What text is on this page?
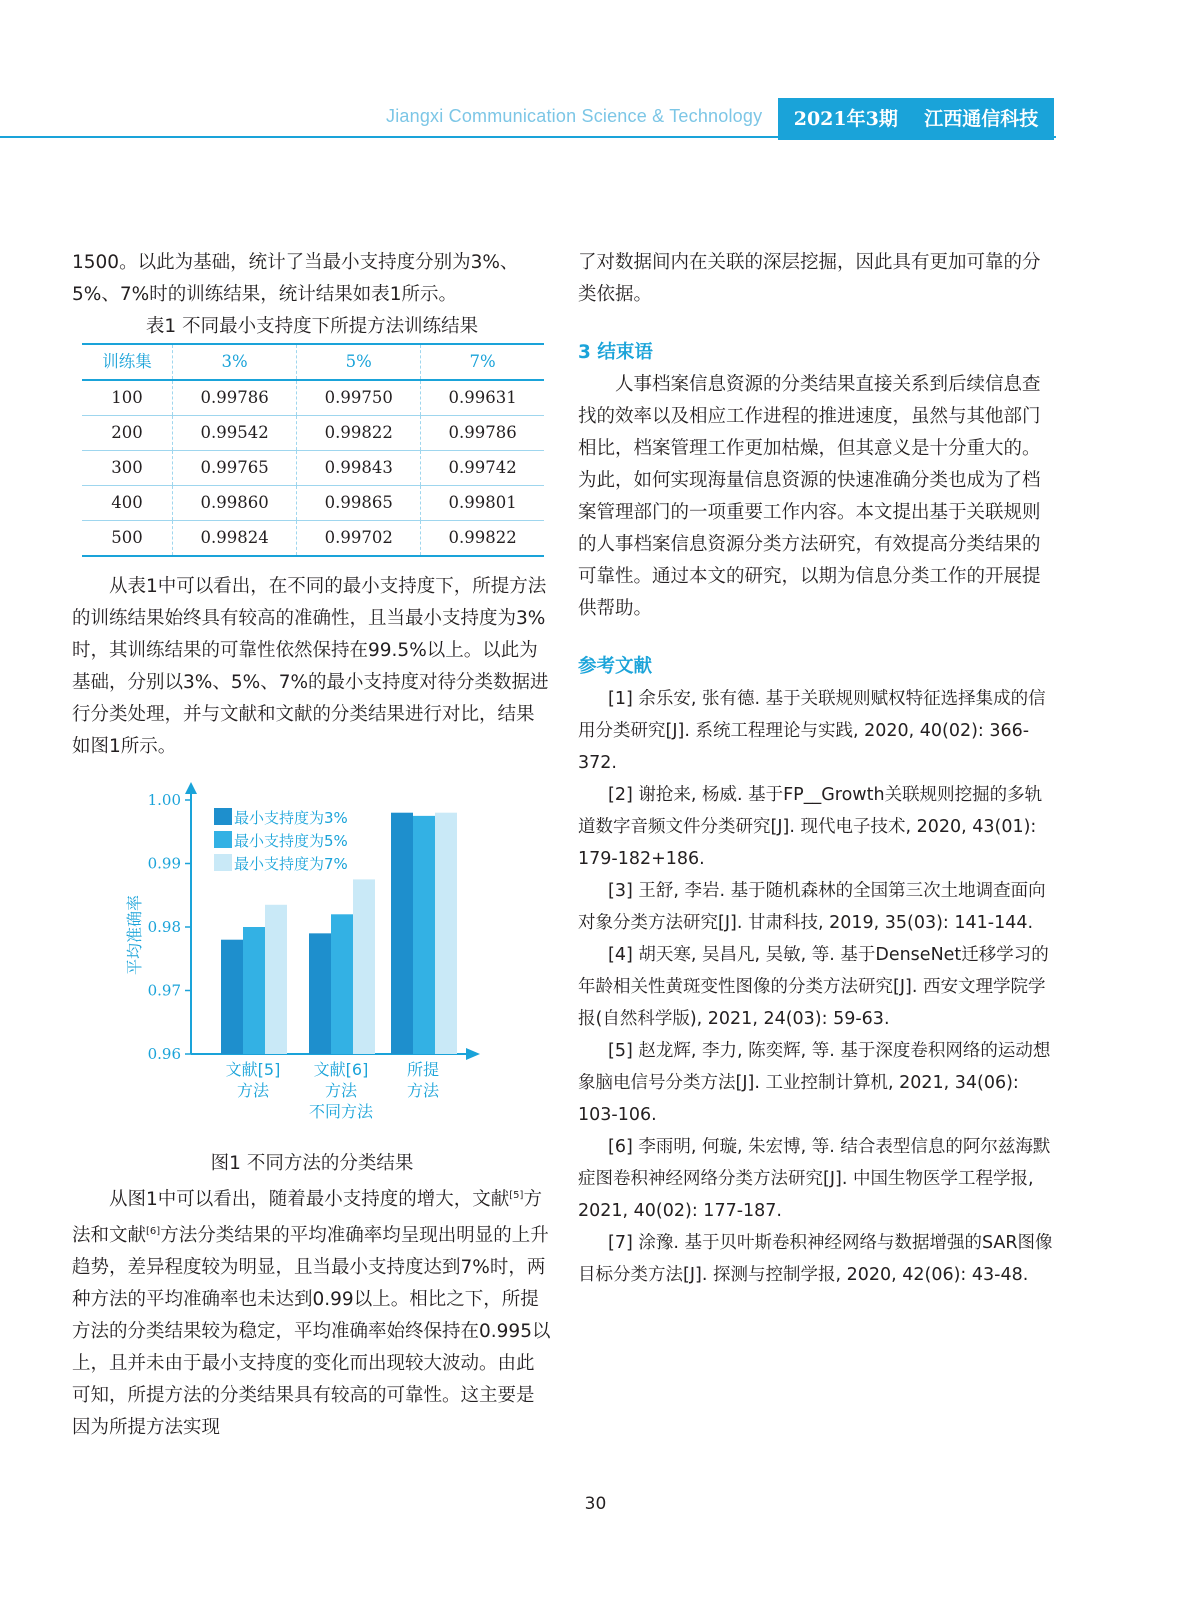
Jiangxi Communication Science & Technology	2021年3期    江西通信科技

1500。以此为基础，统计了当最小支持度分别为3%、5%、7%时的训练结果，统计结果如表1所示。

表1 不同最小支持度下所提方法训练结果

训练集	3%	5%	7%
100	0.99786	0.99750	0.99631
200	0.99542	0.99822	0.99786
300	0.99765	0.99843	0.99742
400	0.99860	0.99865	0.99801
500	0.99824	0.99702	0.99822

从表1中可以看出，在不同的最小支持度下，所提方法的训练结果始终具有较高的准确性，且当最小支持度为3%时，其训练结果的可靠性依然保持在99.5%以上。以此为基础，分别以3%、5%、7%的最小支持度对待分类数据进行分类处理，并与文献和文献的分类结果进行对比，结果如图1所示。

1.00
0.99
0.98
0.97
0.96
平均准确率
文献[5]
方法
文献[6]
方法
不同方法
所提
方法
最小支持度为3%
最小支持度为5%
最小支持度为7%

图1 不同方法的分类结果

从图1中可以看出，随着最小支持度的增大，文献[5]方法和文献[6]方法分类结果的平均准确率均呈现出明显的上升趋势，差异程度较为明显，且当最小支持度达到7%时，两种方法的平均准确率也未达到0.99以上。相比之下，所提方法的分类结果较为稳定，平均准确率始终保持在0.995以上，且并未由于最小支持度的变化而出现较大波动。由此可知，所提方法的分类结果具有较高的可靠性。这主要是因为所提方法实现

了对数据间内在关联的深层挖掘，因此具有更加可靠的分类依据。

3 结束语

人事档案信息资源的分类结果直接关系到后续信息查找的效率以及相应工作进程的推进速度，虽然与其他部门相比，档案管理工作更加枯燥，但其意义是十分重大的。为此，如何实现海量信息资源的快速准确分类也成为了档案管理部门的一项重要工作内容。本文提出基于关联规则的人事档案信息资源分类方法研究，有效提高分类结果的可靠性。通过本文的研究，以期为信息分类工作的开展提供帮助。

参考文献

[1] 余乐安, 张有德. 基于关联规则赋权特征选择集成的信用分类研究[J]. 系统工程理论与实践, 2020, 40(02): 366-372.

[2] 谢抢来, 杨威. 基于FP__Growth关联规则挖掘的多轨道数字音频文件分类研究[J]. 现代电子技术, 2020, 43(01): 179-182+186.

[3] 王舒, 李岩. 基于随机森林的全国第三次土地调查面向对象分类方法研究[J]. 甘肃科技, 2019, 35(03): 141-144.

[4] 胡天寒, 吴昌凡, 吴敏, 等. 基于DenseNet迁移学习的年龄相关性黄斑变性图像的分类方法研究[J]. 西安文理学院学报(自然科学版), 2021, 24(03): 59-63.

[5] 赵龙辉, 李力, 陈奕辉, 等. 基于深度卷积网络的运动想象脑电信号分类方法[J]. 工业控制计算机, 2021, 34(06): 103-106.

[6] 李雨明, 何璇, 朱宏博, 等. 结合表型信息的阿尔兹海默症图卷积神经网络分类方法研究[J]. 中国生物医学工程学报, 2021, 40(02): 177-187.

[7] 涂豫. 基于贝叶斯卷积神经网络与数据增强的SAR图像目标分类方法[J]. 探测与控制学报, 2020, 42(06): 43-48.

30
